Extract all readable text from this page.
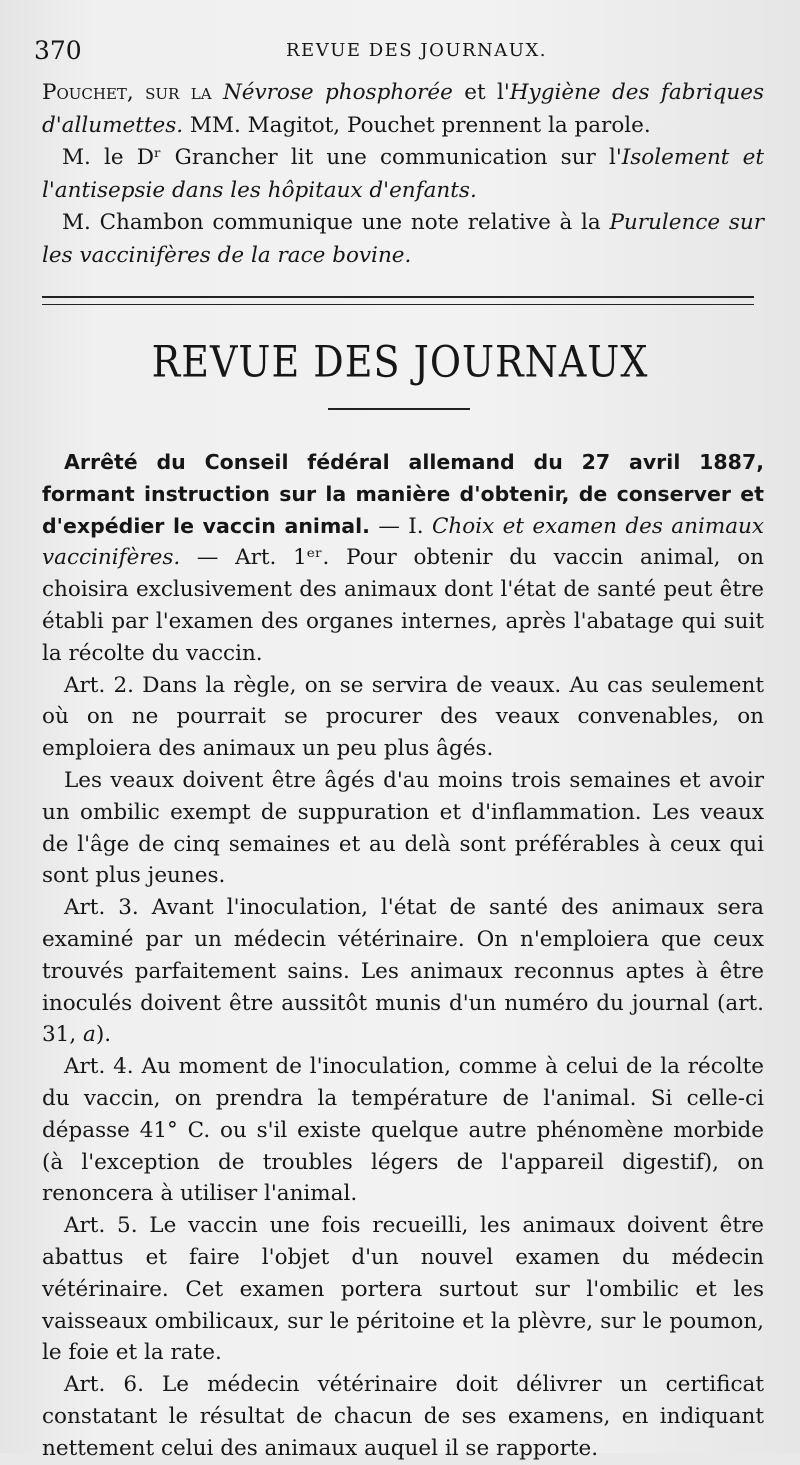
370	REVUE DES JOURNAUX.

Pouchet, sur la Névrose phosphorée et l'Hygiène des fabriques d'allumettes. MM. Magitot, Pouchet prennent la parole.

M. le Dʳ Grancher lit une communication sur l'Isolement et l'antisepsie dans les hôpitaux d'enfants.

M. Chambon communique une note relative à la Purulence sur les vaccinifères de la race bovine.

REVUE DES JOURNAUX

Arrêté du Conseil fédéral allemand du 27 avril 1887, formant instruction sur la manière d'obtenir, de conserver et d'expédier le vaccin animal. — I. Choix et examen des animaux vaccinifères. — Art. 1ᵉʳ. Pour obtenir du vaccin animal, on choisira exclusivement des animaux dont l'état de santé peut être établi par l'examen des organes internes, après l'abatage qui suit la récolte du vaccin.

Art. 2. Dans la règle, on se servira de veaux. Au cas seulement où on ne pourrait se procurer des veaux convenables, on emploiera des animaux un peu plus âgés.

Les veaux doivent être âgés d'au moins trois semaines et avoir un ombilic exempt de suppuration et d'inflammation. Les veaux de l'âge de cinq semaines et au delà sont préférables à ceux qui sont plus jeunes.

Art. 3. Avant l'inoculation, l'état de santé des animaux sera examiné par un médecin vétérinaire. On n'emploiera que ceux trouvés parfaitement sains. Les animaux reconnus aptes à être inoculés doivent être aussitôt munis d'un numéro du journal (art. 31, a).

Art. 4. Au moment de l'inoculation, comme à celui de la récolte du vaccin, on prendra la température de l'animal. Si celle-ci dépasse 41° C. ou s'il existe quelque autre phénomène morbide (à l'exception de troubles légers de l'appareil digestif), on renoncera à utiliser l'animal.

Art. 5. Le vaccin une fois recueilli, les animaux doivent être abattus et faire l'objet d'un nouvel examen du médecin vétérinaire. Cet examen portera surtout sur l'ombilic et les vaisseaux ombilicaux, sur le péritoine et la plèvre, sur le poumon, le foie et la rate.

Art. 6. Le médecin vétérinaire doit délivrer un certificat constatant le résultat de chacun de ses examens, en indiquant nettement celui des animaux auquel il se rapporte.
